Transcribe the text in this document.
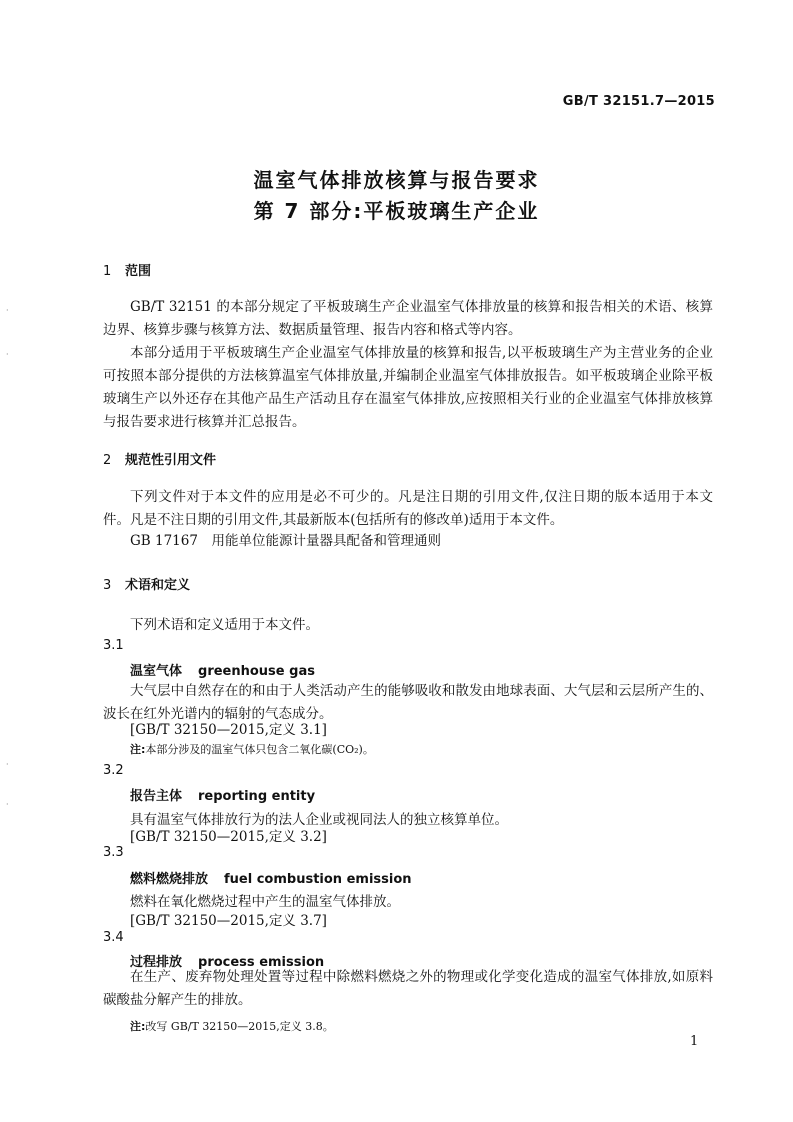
GB/T 32151.7—2015
温室气体排放核算与报告要求
第 7 部分:平板玻璃生产企业
1 范围
GB/T 32151 的本部分规定了平板玻璃生产企业温室气体排放量的核算和报告相关的术语、核算边界、核算步骤与核算方法、数据质量管理、报告内容和格式等内容。
本部分适用于平板玻璃生产企业温室气体排放量的核算和报告,以平板玻璃生产为主营业务的企业可按照本部分提供的方法核算温室气体排放量,并编制企业温室气体排放报告。如平板玻璃企业除平板玻璃生产以外还存在其他产品生产活动且存在温室气体排放,应按照相关行业的企业温室气体排放核算与报告要求进行核算并汇总报告。
2 规范性引用文件
下列文件对于本文件的应用是必不可少的。凡是注日期的引用文件,仅注日期的版本适用于本文件。凡是不注日期的引用文件,其最新版本(包括所有的修改单)适用于本文件。
GB 17167　用能单位能源计量器具配备和管理通则
3 术语和定义
下列术语和定义适用于本文件。
3.1
温室气体 greenhouse gas
大气层中自然存在的和由于人类活动产生的能够吸收和散发由地球表面、大气层和云层所产生的、波长在红外光谱内的辐射的气态成分。
[GB/T 32150—2015,定义 3.1]
注:本部分涉及的温室气体只包含二氧化碳(CO₂)。
3.2
报告主体 reporting entity
具有温室气体排放行为的法人企业或视同法人的独立核算单位。
[GB/T 32150—2015,定义 3.2]
3.3
燃料燃烧排放 fuel combustion emission
燃料在氧化燃烧过程中产生的温室气体排放。
[GB/T 32150—2015,定义 3.7]
3.4
过程排放 process emission
在生产、废弃物处理处置等过程中除燃料燃烧之外的物理或化学变化造成的温室气体排放,如原料碳酸盐分解产生的排放。
注:改写 GB/T 32150—2015,定义 3.8。
1
·
·
·
·
